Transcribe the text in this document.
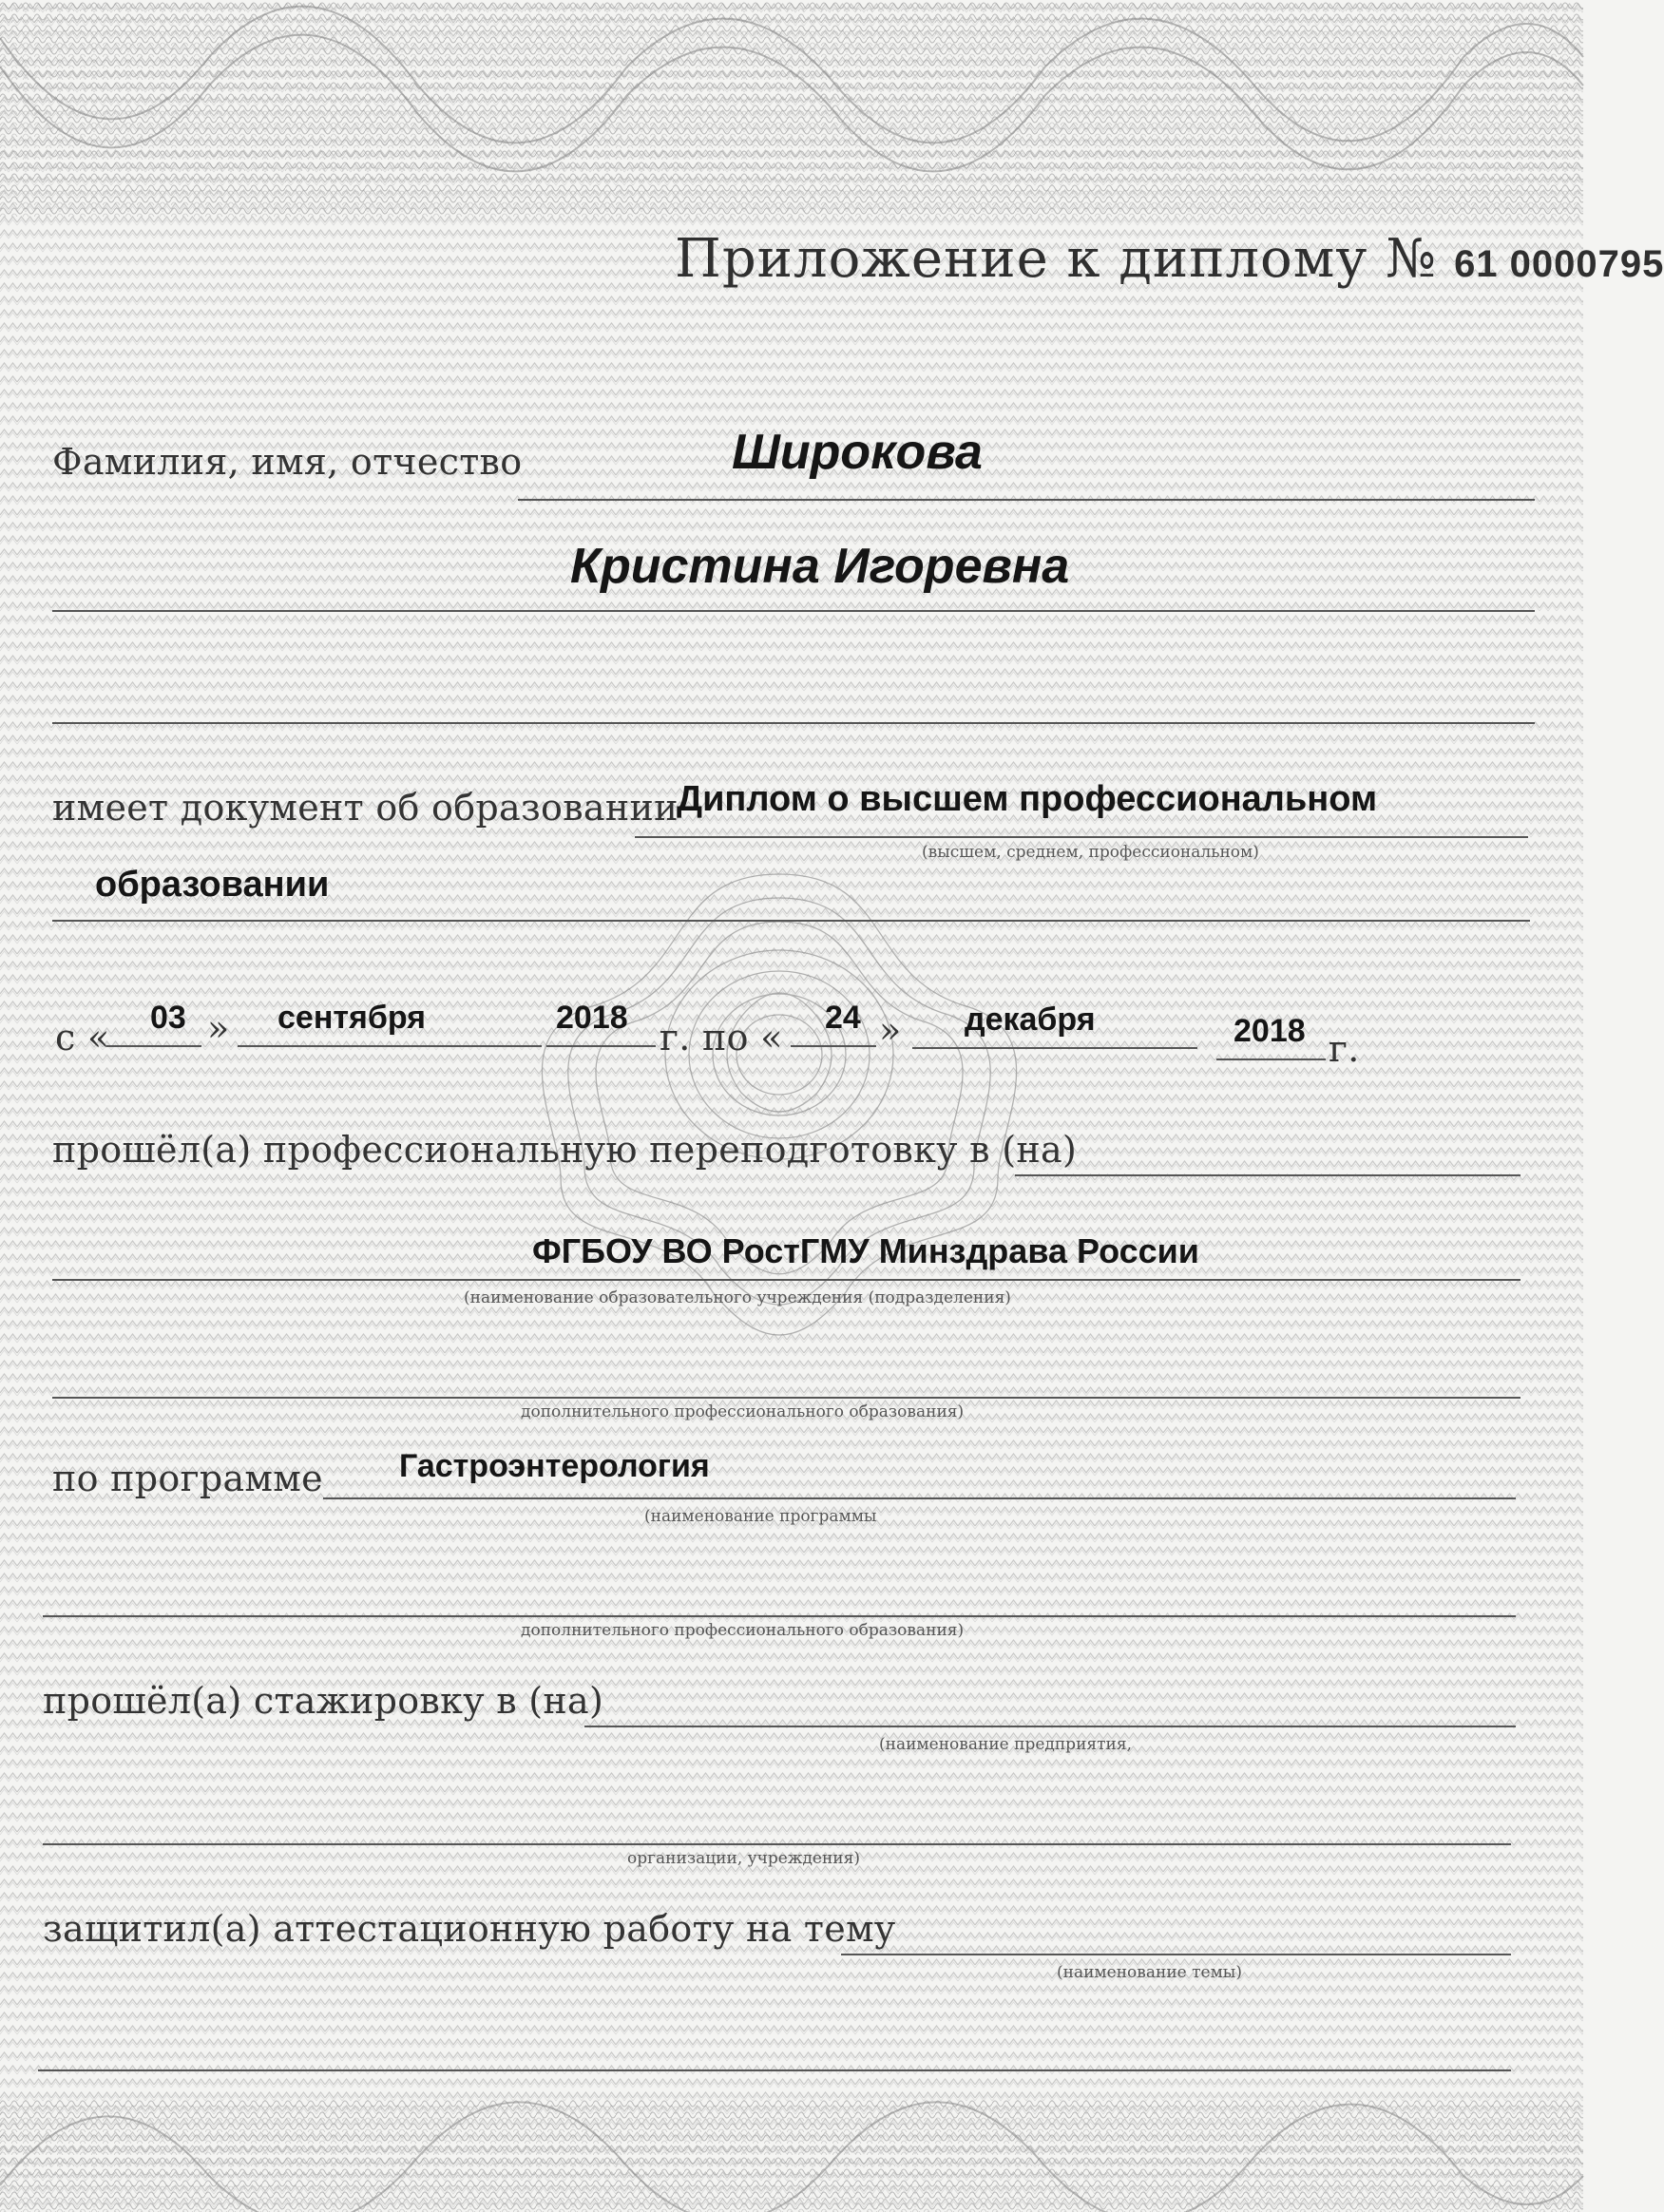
Приложение к диплому № 61 0000795
Фамилия, имя, отчество	Широкова
Кристина Игоревна
имеет документ об образовании
Диплом о высшем профессиональном
(высшем, среднем, профессиональном)
образовании
с « 03 » сентября	2018 г. по « 24 » декабря	2018 г.
прошёл(а) профессиональную переподготовку в (на)
ФГБОУ ВО РостГМУ Минздрава России
(наименование образовательного учреждения (подразделения)
дополнительного профессионального образования)
по программе Гастроэнтерология
(наименование программы
дополнительного профессионального образования)
прошёл(а) стажировку в (на)
(наименование предприятия,
организации, учреждения)
защитил(а) аттестационную работу на тему
(наименование темы)
